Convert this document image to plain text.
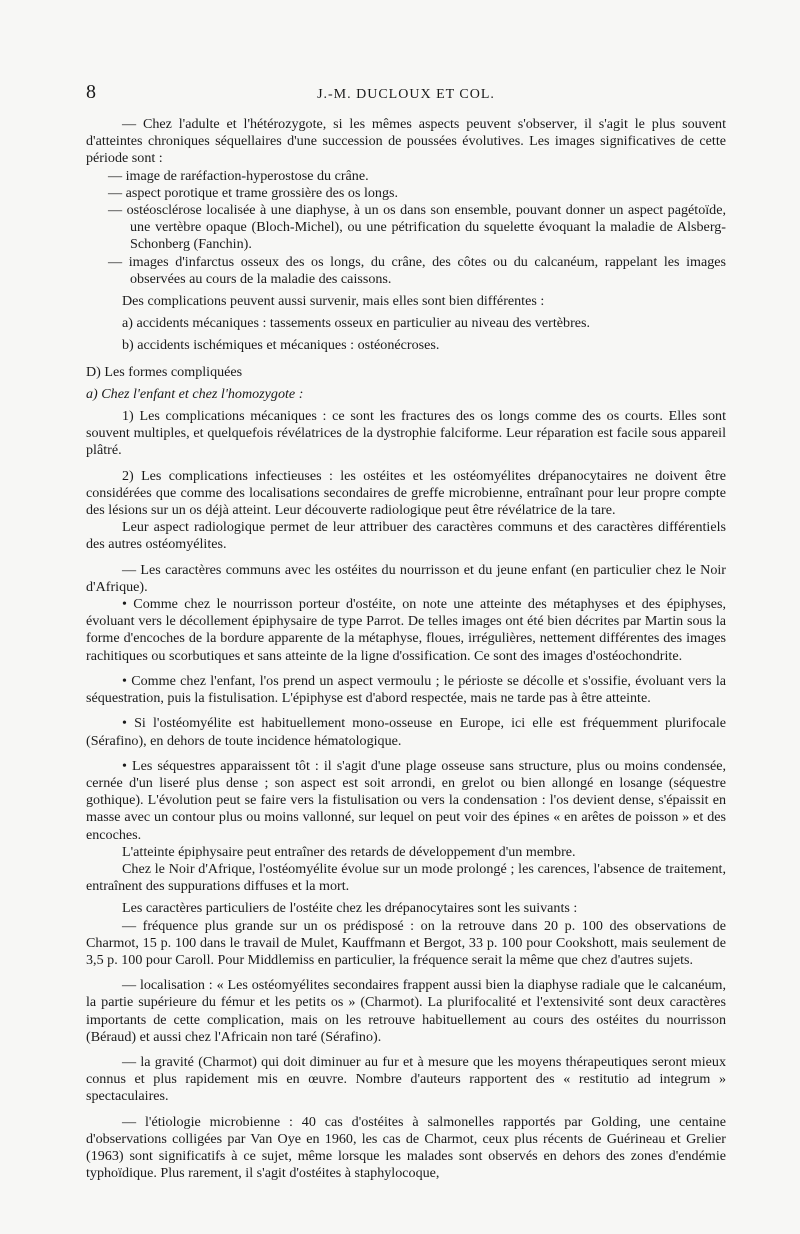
8	J.-M. DUCLOUX ET COL.

— Chez l'adulte et l'hétérozygote, si les mêmes aspects peuvent s'observer, il s'agit le plus souvent d'atteintes chroniques séquellaires d'une succession de poussées évolutives. Les images significatives de cette période sont :

— image de raréfaction-hyperostose du crâne.

— aspect porotique et trame grossière des os longs.

— ostéosclérose localisée à une diaphyse, à un os dans son ensemble, pouvant donner un aspect pagétoïde, une vertèbre opaque (Bloch-Michel), ou une pétrification du squelette évoquant la maladie de Alsberg-Schonberg (Fanchin).

— images d'infarctus osseux des os longs, du crâne, des côtes ou du calcanéum, rappelant les images observées au cours de la maladie des caissons.

Des complications peuvent aussi survenir, mais elles sont bien différentes :

a) accidents mécaniques : tassements osseux en particulier au niveau des vertèbres.

b) accidents ischémiques et mécaniques : ostéonécroses.

D) Les formes compliquées

a) Chez l'enfant et chez l'homozygote :

1) Les complications mécaniques : ce sont les fractures des os longs comme des os courts. Elles sont souvent multiples, et quelquefois révélatrices de la dystrophie falciforme. Leur réparation est facile sous appareil plâtré.

2) Les complications infectieuses : les ostéites et les ostéomyélites drépanocytaires ne doivent être considérées que comme des localisations secondaires de greffe microbienne, entraînant pour leur propre compte des lésions sur un os déjà atteint. Leur découverte radiologique peut être révélatrice de la tare.

Leur aspect radiologique permet de leur attribuer des caractères communs et des caractères différentiels des autres ostéomyélites.

— Les caractères communs avec les ostéites du nourrisson et du jeune enfant (en particulier chez le Noir d'Afrique).

• Comme chez le nourrisson porteur d'ostéite, on note une atteinte des métaphyses et des épiphyses, évoluant vers le décollement épiphysaire de type Parrot. De telles images ont été bien décrites par Martin sous la forme d'encoches de la bordure apparente de la métaphyse, floues, irrégulières, nettement différentes des images rachitiques ou scorbutiques et sans atteinte de la ligne d'ossification. Ce sont des images d'ostéochondrite.

• Comme chez l'enfant, l'os prend un aspect vermoulu ; le périoste se décolle et s'ossifie, évoluant vers la séquestration, puis la fistulisation. L'épiphyse est d'abord respectée, mais ne tarde pas à être atteinte.

• Si l'ostéomyélite est habituellement mono-osseuse en Europe, ici elle est fréquemment plurifocale (Sérafino), en dehors de toute incidence hématologique.

• Les séquestres apparaissent tôt : il s'agit d'une plage osseuse sans structure, plus ou moins condensée, cernée d'un liseré plus dense ; son aspect est soit arrondi, en grelot ou bien allongé en losange (séquestre gothique). L'évolution peut se faire vers la fistulisation ou vers la condensation : l'os devient dense, s'épaissit en masse avec un contour plus ou moins vallonné, sur lequel on peut voir des épines « en arêtes de poisson » et des encoches.

L'atteinte épiphysaire peut entraîner des retards de développement d'un membre.

Chez le Noir d'Afrique, l'ostéomyélite évolue sur un mode prolongé ; les carences, l'absence de traitement, entraînent des suppurations diffuses et la mort.

Les caractères particuliers de l'ostéite chez les drépanocytaires sont les suivants :

— fréquence plus grande sur un os prédisposé : on la retrouve dans 20 p. 100 des observations de Charmot, 15 p. 100 dans le travail de Mulet, Kauffmann et Bergot, 33 p. 100 pour Cookshott, mais seulement de 3,5 p. 100 pour Caroll. Pour Middlemiss en particulier, la fréquence serait la même que chez d'autres sujets.

— localisation : « Les ostéomyélites secondaires frappent aussi bien la diaphyse radiale que le calcanéum, la partie supérieure du fémur et les petits os » (Charmot). La plurifocalité et l'extensivité sont deux caractères importants de cette complication, mais on les retrouve habituellement au cours des ostéites du nourrisson (Béraud) et aussi chez l'Africain non taré (Sérafino).

— la gravité (Charmot) qui doit diminuer au fur et à mesure que les moyens thérapeutiques seront mieux connus et plus rapidement mis en œuvre. Nombre d'auteurs rapportent des « restitutio ad integrum » spectaculaires.

— l'étiologie microbienne : 40 cas d'ostéites à salmonelles rapportés par Golding, une centaine d'observations colligées par Van Oye en 1960, les cas de Charmot, ceux plus récents de Guérineau et Grelier (1963) sont significatifs à ce sujet, même lorsque les malades sont observés en dehors des zones d'endémie typhoïdique. Plus rarement, il s'agit d'ostéites à staphylocoque,
